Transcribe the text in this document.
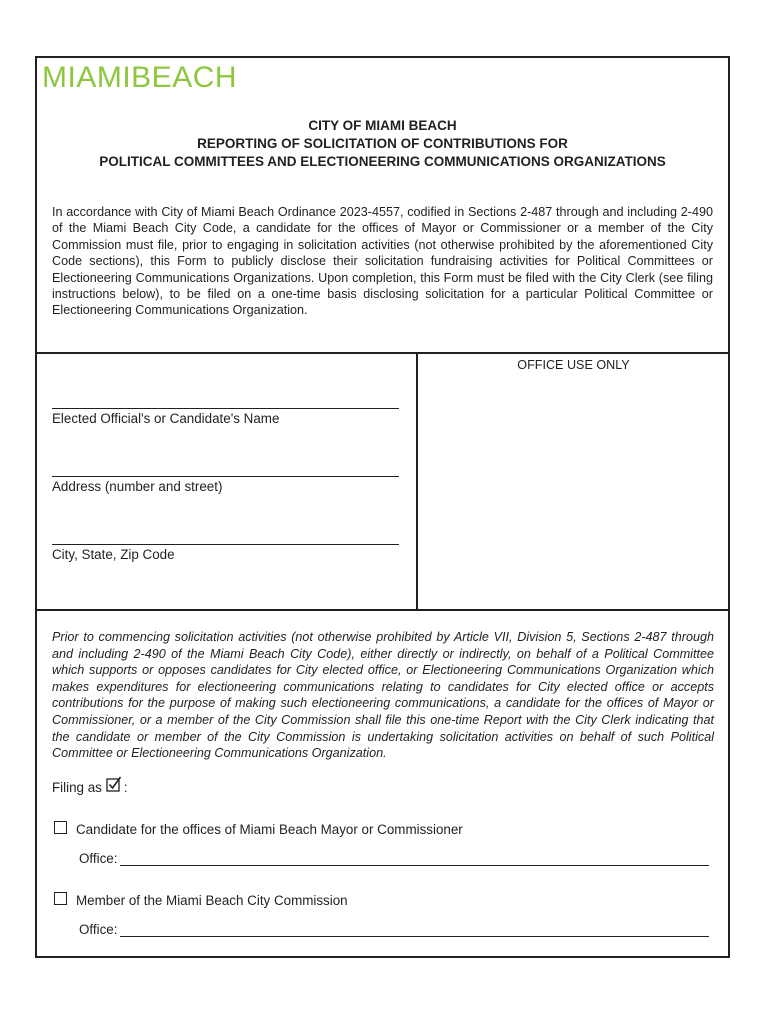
MIAMIBEACH
CITY OF MIAMI BEACH
REPORTING OF SOLICITATION OF CONTRIBUTIONS FOR
POLITICAL COMMITTEES AND ELECTIONEERING COMMUNICATIONS ORGANIZATIONS
In accordance with City of Miami Beach Ordinance 2023-4557, codified in Sections 2-487 through and including 2-490 of the Miami Beach City Code, a candidate for the offices of Mayor or Commissioner or a member of the City Commission must file, prior to engaging in solicitation activities (not otherwise prohibited by the aforementioned City Code sections), this Form to publicly disclose their solicitation fundraising activities for Political Committees or Electioneering Communications Organizations. Upon completion, this Form must be filed with the City Clerk (see filing instructions below), to be filed on a one-time basis disclosing solicitation for a particular Political Committee or Electioneering Communications Organization.
OFFICE USE ONLY
Elected Official's or Candidate's Name
Address (number and street)
City, State, Zip Code
Prior to commencing solicitation activities (not otherwise prohibited by Article VII, Division 5, Sections 2-487 through and including 2-490 of the Miami Beach City Code), either directly or indirectly, on behalf of a Political Committee which supports or opposes candidates for City elected office, or Electioneering Communications Organization which makes expenditures for electioneering communications relating to candidates for City elected office or accepts contributions for the purpose of making such electioneering communications, a candidate for the offices of Mayor or Commissioner, or a member of the City Commission shall file this one-time Report with the City Clerk indicating that the candidate or member of the City Commission is undertaking solicitation activities on behalf of such Political Committee or Electioneering Communications Organization.
Filing as :
Candidate for the offices of Miami Beach Mayor or Commissioner
Office:
Member of the Miami Beach City Commission
Office:
